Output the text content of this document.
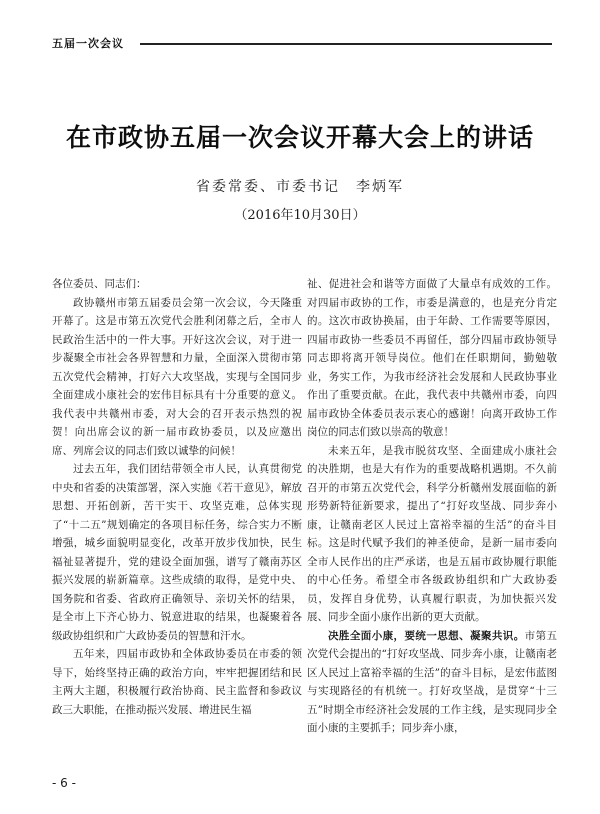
五届一次会议
在市政协五届一次会议开幕大会上的讲话
省委常委、市委书记　李炳军
（2016年10月30日）

各位委员、同志们：

政协赣州市第五届委员会第一次会议，今天隆重开幕了。这是市第五次党代会胜利闭幕之后，全市人民政治生活中的一件大事。开好这次会议，对于进一步凝聚全市社会各界智慧和力量，全面深入贯彻市第五次党代会精神，打好六大攻坚战，实现与全国同步全面建成小康社会的宏伟目标具有十分重要的意义。我代表中共赣州市委，对大会的召开表示热烈的祝贺！向出席会议的新一届市政协委员，以及应邀出席、列席会议的同志们致以诚挚的问候！

过去五年，我们团结带领全市人民，认真贯彻党中央和省委的决策部署，深入实施《若干意见》，解放思想、开拓创新，苦干实干、攻坚克难，总体实现了“十二五”规划确定的各项目标任务，综合实力不断增强，城乡面貌明显变化，改革开放步伐加快，民生福祉显著提升，党的建设全面加强，谱写了赣南苏区振兴发展的崭新篇章。这些成绩的取得，是党中央、国务院和省委、省政府正确领导、亲切关怀的结果，是全市上下齐心协力、锐意进取的结果，也凝聚着各级政协组织和广大政协委员的智慧和汗水。

五年来，四届市政协和全体政协委员在市委的领导下，始终坚持正确的政治方向，牢牢把握团结和民主两大主题，积极履行政治协商、民主监督和参政议政三大职能，在推动振兴发展、增进民生福

祉、促进社会和谐等方面做了大量卓有成效的工作。对四届市政协的工作，市委是满意的，也是充分肯定的。这次市政协换届，由于年龄、工作需要等原因，四届市政协一些委员不再留任，部分四届市政协领导同志即将离开领导岗位。他们在任职期间，勤勉敬业，务实工作，为我市经济社会发展和人民政协事业作出了重要贡献。在此，我代表中共赣州市委，向四届市政协全体委员表示衷心的感谢！向离开政协工作岗位的同志们致以崇高的敬意！

未来五年，是我市脱贫攻坚、全面建成小康社会的决胜期，也是大有作为的重要战略机遇期。不久前召开的市第五次党代会，科学分析赣州发展面临的新形势新特征新要求，提出了“打好攻坚战、同步奔小康，让赣南老区人民过上富裕幸福的生活”的奋斗目标。这是时代赋予我们的神圣使命，是新一届市委向全市人民作出的庄严承诺，也是五届市政协履行职能的中心任务。希望全市各级政协组织和广大政协委员，发挥自身优势，认真履行职责，为加快振兴发展、同步全面小康作出新的更大贡献。

决胜全面小康，要统一思想、凝聚共识。市第五次党代会提出的“打好攻坚战、同步奔小康，让赣南老区人民过上富裕幸福的生活”的奋斗目标，是宏伟蓝图与实现路径的有机统一。打好攻坚战，是贯穿“十三五”时期全市经济社会发展的工作主线，是实现同步全面小康的主要抓手；同步奔小康，

- 6 -
